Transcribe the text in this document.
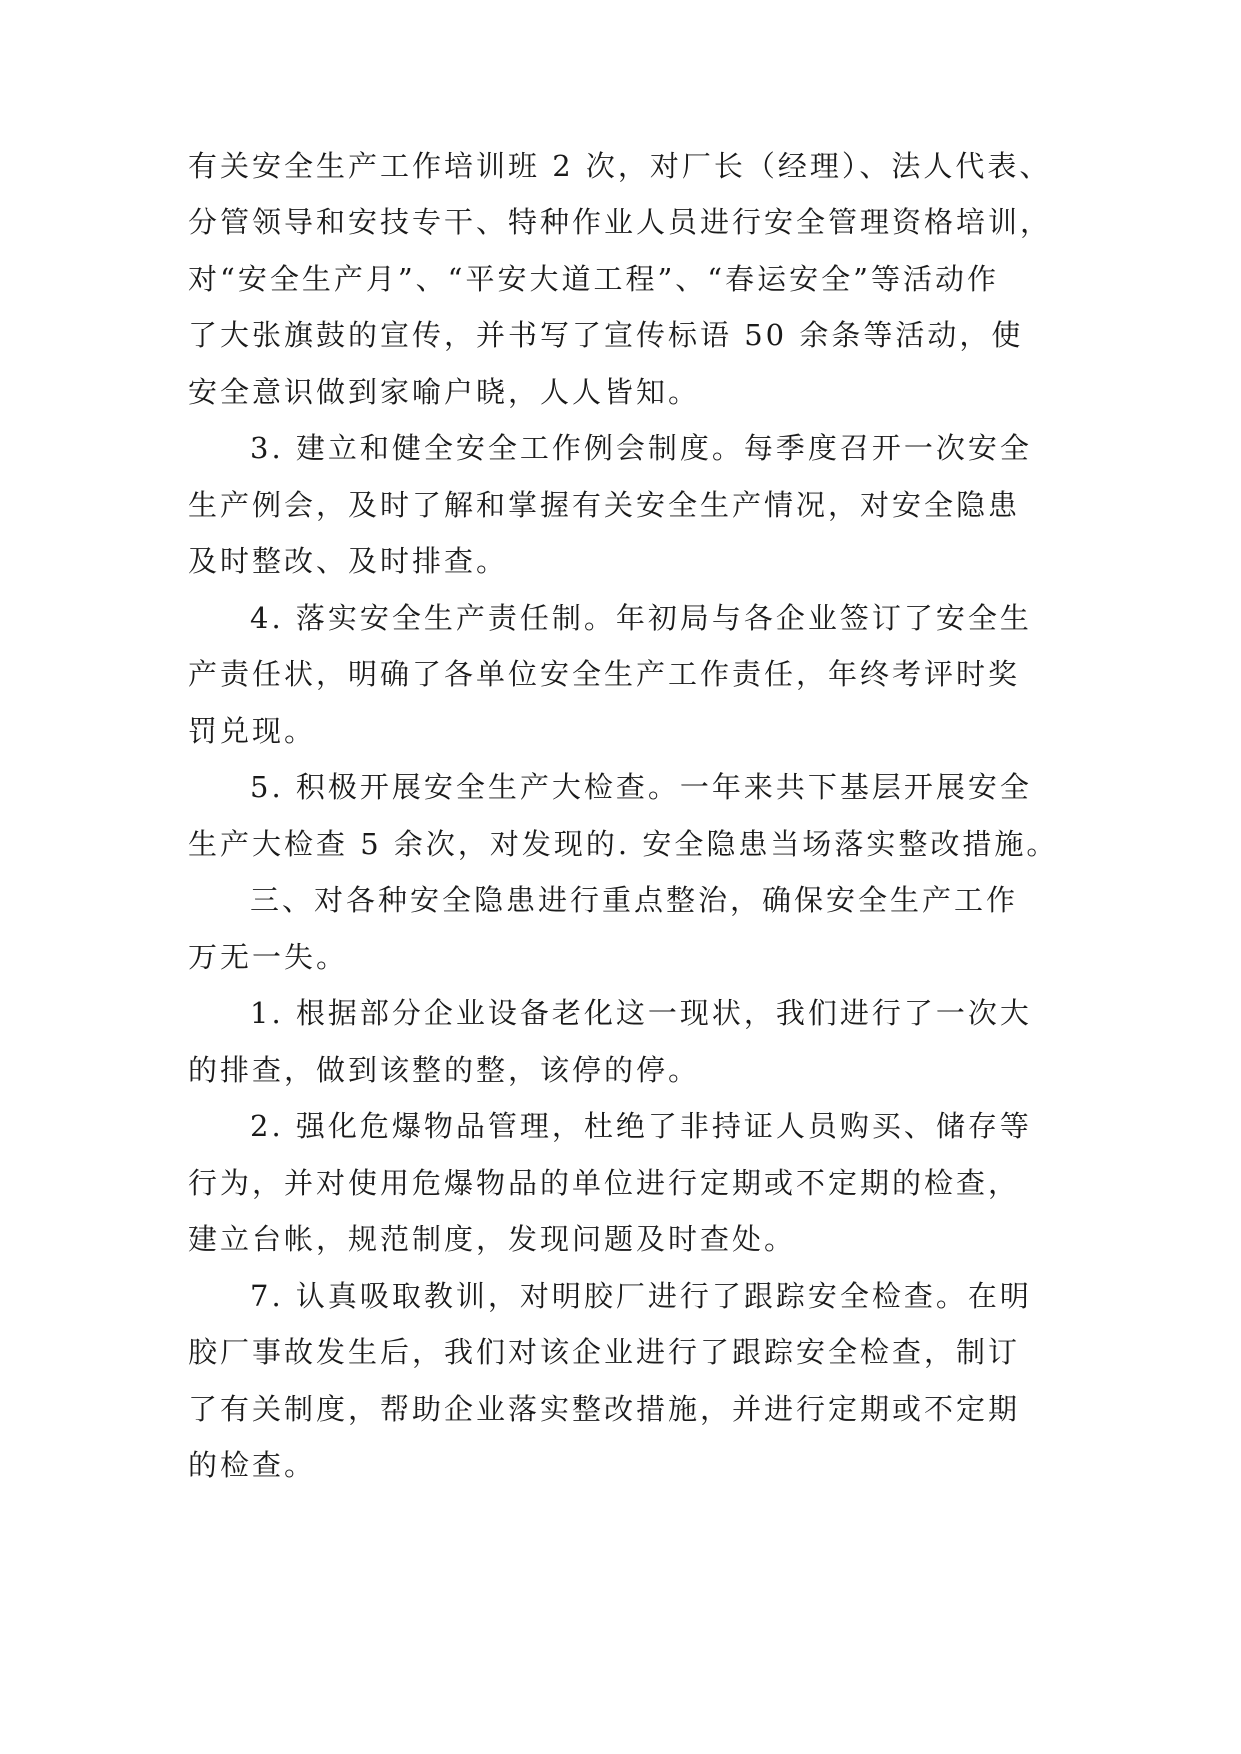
有关安全生产工作培训班 2 次，对厂长（经理）、法人代表、
分管领导和安技专干、特种作业人员进行安全管理资格培训，
对“安全生产月”、“平安大道工程”、“春运安全”等活动作
了大张旗鼓的宣传，并书写了宣传标语 50 余条等活动，使
安全意识做到家喻户晓，人人皆知。
3. 建立和健全安全工作例会制度。每季度召开一次安全
生产例会，及时了解和掌握有关安全生产情况，对安全隐患
及时整改、及时排查。
4. 落实安全生产责任制。年初局与各企业签订了安全生
产责任状，明确了各单位安全生产工作责任，年终考评时奖
罚兑现。
5. 积极开展安全生产大检查。一年来共下基层开展安全
生产大检查 5 余次，对发现的. 安全隐患当场落实整改措施。
三、对各种安全隐患进行重点整治，确保安全生产工作
万无一失。
1. 根据部分企业设备老化这一现状，我们进行了一次大
的排查，做到该整的整，该停的停。
2. 强化危爆物品管理，杜绝了非持证人员购买、储存等
行为，并对使用危爆物品的单位进行定期或不定期的检查，
建立台帐，规范制度，发现问题及时查处。
7. 认真吸取教训，对明胶厂进行了跟踪安全检查。在明
胶厂事故发生后，我们对该企业进行了跟踪安全检查，制订
了有关制度，帮助企业落实整改措施，并进行定期或不定期
的检查。
